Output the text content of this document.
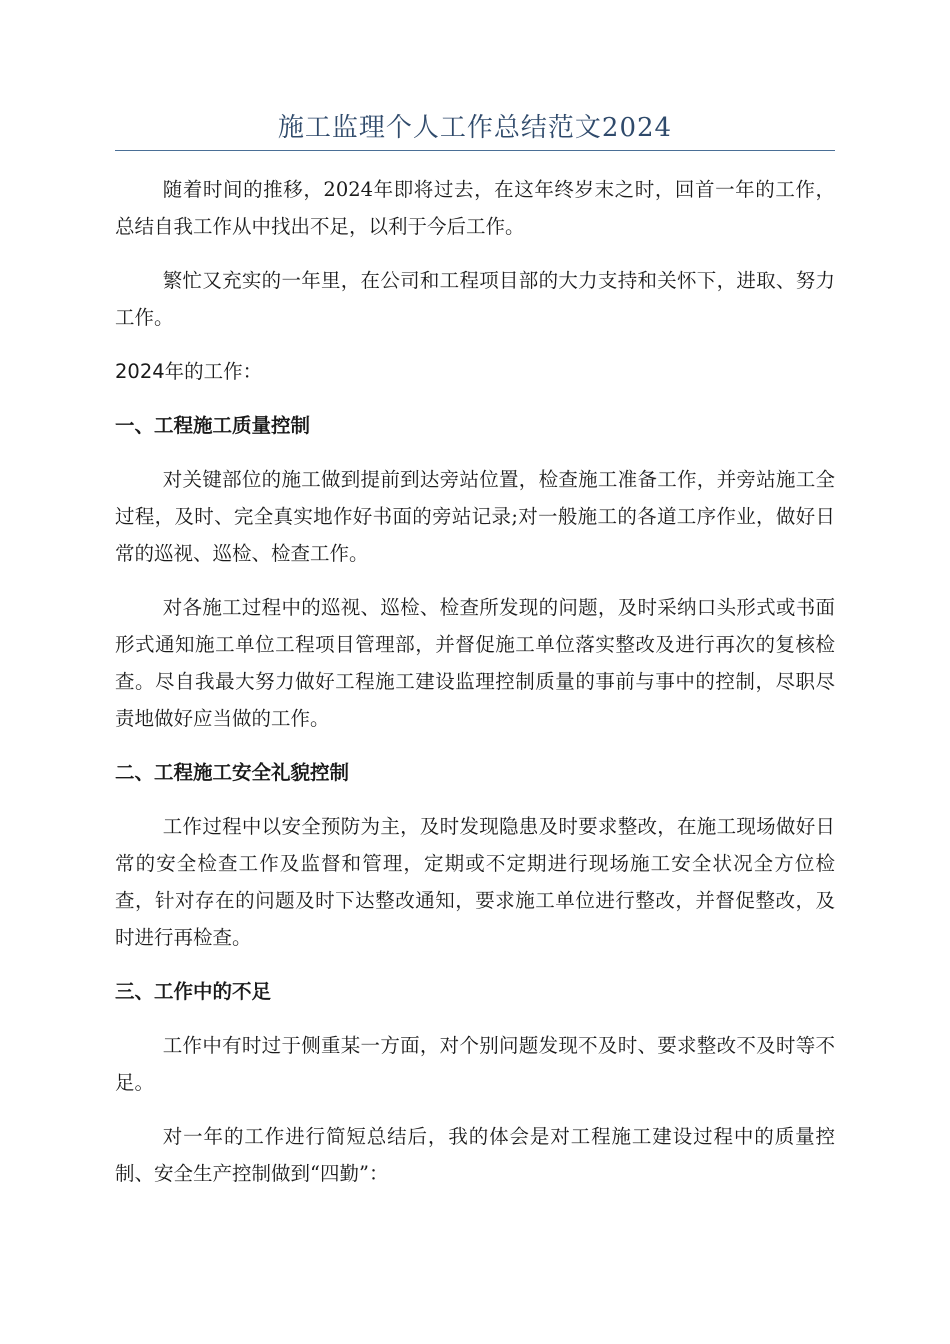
施工监理个人工作总结范文2024

随着时间的推移，2024年即将过去，在这年终岁末之时，回首一年的工作，总结自我工作从中找出不足，以利于今后工作。

繁忙又充实的一年里，在公司和工程项目部的大力支持和关怀下，进取、努力工作。

2024年的工作：

一、工程施工质量控制

对关键部位的施工做到提前到达旁站位置，检查施工准备工作，并旁站施工全过程，及时、完全真实地作好书面的旁站记录;对一般施工的各道工序作业，做好日常的巡视、巡检、检查工作。

对各施工过程中的巡视、巡检、检查所发现的问题，及时采纳口头形式或书面形式通知施工单位工程项目管理部，并督促施工单位落实整改及进行再次的复核检查。尽自我最大努力做好工程施工建设监理控制质量的事前与事中的控制，尽职尽责地做好应当做的工作。

二、工程施工安全礼貌控制

工作过程中以安全预防为主，及时发现隐患及时要求整改，在施工现场做好日常的安全检查工作及监督和管理，定期或不定期进行现场施工安全状况全方位检查，针对存在的问题及时下达整改通知，要求施工单位进行整改，并督促整改，及时进行再检查。

三、工作中的不足

工作中有时过于侧重某一方面，对个别问题发现不及时、要求整改不及时等不足。

对一年的工作进行简短总结后，我的体会是对工程施工建设过程中的质量控制、安全生产控制做到“四勤”：
